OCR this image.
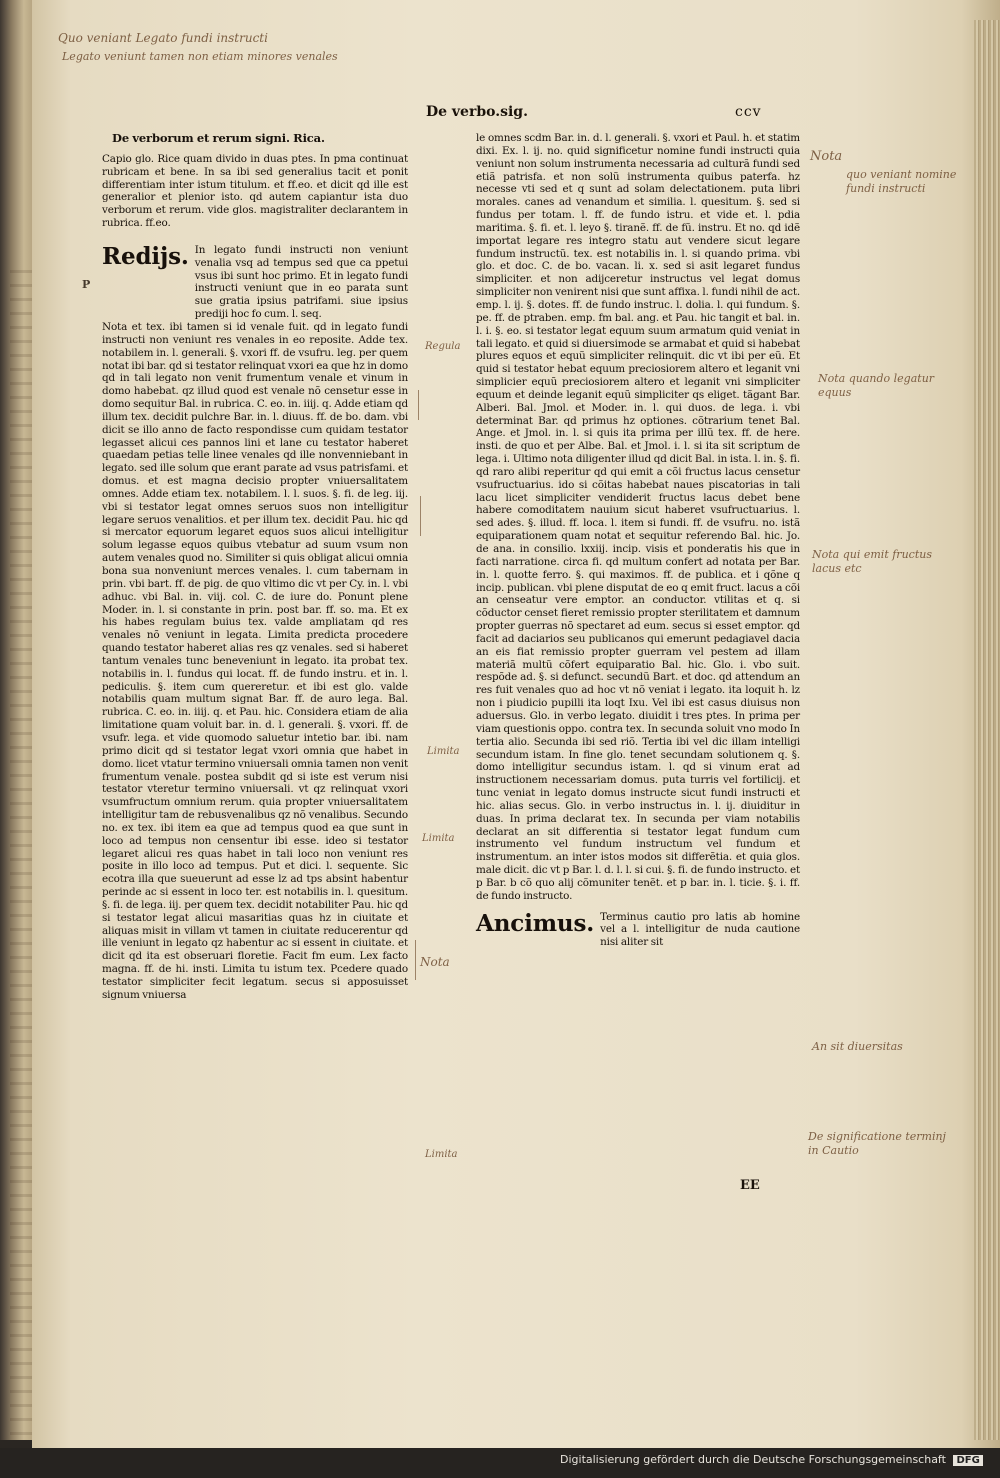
Quo veniant Legato fundi instructi
Legato veniunt tamen non etiam minores venales
De verbo.sig.	ccv

De verborum et rerum signi. Rica.

Capio glo. Rice quam divido in duas ptes. In pma continuat rubricam et bene. In sa ibi sed generalius tacit et ponit differentiam inter istum titulum. et ff.eo. et dicit qd ille est generalior et plenior isto. qd autem capiantur ista duo verborum et rerum. vide glos. magistraliter declarantem in rubrica. ff.eo.

Redijs. In legato fundi instructi non veniunt venalia vsq ad tempus sed que ca ppetui vsus ibi sunt hoc primo. Et in legato fundi instructi veniunt que in eo parata sunt sue gratia ipsius patrifami. siue ipsius prediji hoc fo cum. l. seq.

Nota et tex. ibi tamen si id venale fuit. qd in legato fundi instructi non veniunt res venales in eo reposite. Adde tex. notabilem in. l. generali. §. vxori ff. de vsufru. leg. per quem notat ibi bar. qd si testator relinquat vxori ea que hz in domo qd in tali legato non venit frumentum venale et vinum in domo habebat. qz illud quod est venale nõ censetur esse in domo sequitur Bal. in rubrica. C. eo. in. iiij. q. Adde etiam qd illum tex. decidit pulchre Bar. in. l. diuus. ff. de bo. dam. vbi dicit se illo anno de facto respondisse cum quidam testator legasset alicui ces pannos lini et lane cu testator haberet quaedam petias telle linee venales qd ille nonvenniebant in legato. sed ille solum que erant parate ad vsus patrisfami. et domus. et est magna decisio propter vniuersalitatem omnes. Adde etiam tex. notabilem. l. l. suos. §. fi. de leg. iij. vbi si testator legat omnes seruos suos non intelligitur legare seruos venalitios. et per illum tex. decidit Pau. hic qd si mercator equorum legaret equos suos alicui intelligitur solum legasse equos quibus vtebatur ad suum vsum non autem venales quod no. Similiter si quis obligat alicui omnia bona sua nonveniunt merces venales. l. cum tabernam in prin. vbi bart. ff. de pig. de quo vltimo dic vt per Cy. in. l. vbi adhuc. vbi Bal. in. viij. col. C. de iure do. Ponunt plene Moder. in. l. si constante in prin. post bar. ff. so. ma. Et ex his habes regulam buius tex. valde ampliatam qd res venales nõ veniunt in legata. Limita predicta procedere quando testator haberet alias res qz venales. sed si haberet tantum venales tunc beneveniunt in legato. ita probat tex. notabilis in. l. fundus qui locat. ff. de fundo instru. et in. l. pediculis. §. item cum quereretur. et ibi est glo. valde notabilis quam multum signat Bar. ff. de auro lega. Bal. rubrica. C. eo. in. iiij. q. et Pau. hic. Considera etiam de alia limitatione quam voluit bar. in. d. l. generali. §. vxori. ff. de vsufr. lega. et vide quomodo saluetur intetio bar. ibi. nam primo dicit qd si testator legat vxori omnia que habet in domo. licet vtatur termino vniuersali omnia tamen non venit frumentum venale. postea subdit qd si iste est verum nisi testator vteretur termino vniuersali. vt qz relinquat vxori vsumfructum omnium rerum. quia propter vniuersalitatem intelligitur tam de rebusvenalibus qz nõ venalibus. Secundo no. ex tex. ibi item ea que ad tempus quod ea que sunt in loco ad tempus non censentur ibi esse. ideo si testator legaret alicui res quas habet in tali loco non veniunt res posite in illo loco ad tempus. Put et dici. l. sequente. Sic ecotra illa que sueuerunt ad esse lz ad tps absint habentur perinde ac si essent in loco ter. est notabilis in. l. quesitum. §. fi. de lega. iij. per quem tex. decidit notabiliter Pau. hic qd si testator legat alicui masaritias quas hz in ciuitate et aliquas misit in villam vt tamen in ciuitate reducerentur qd ille veniunt in legato qz habentur ac si essent in ciuitate. et dicit qd ita est obseruari floretie. Facit fm eum. Lex facto magna. ff. de hi. insti. Limita tu istum tex. Pcedere quado testator simpliciter fecit legatum. secus si apposuisset signum vniuersa

P

le omnes scdm Bar. in. d. l. generali. §. vxori et Paul. h. et statim dixi. Ex. l. ij. no. quid significetur nomine fundi instructi quia veniunt non solum instrumenta necessaria ad culturã fundi sed etiã patrisfa. et non solũ instrumenta quibus paterfa. hz necesse vti sed et q sunt ad solam delectationem. puta libri morales. canes ad venandum et similia. l. quesitum. §. sed si fundus per totam. l. ff. de fundo istru. et vide et. l. pdia maritima. §. fi. et. l. leyo §. tiranẽ. ff. de fũ. instru. Et no. qd idẽ importat legare res integro statu aut vendere sicut legare fundum instructũ. tex. est notabilis in. l. si quando prima. vbi glo. et doc. C. de bo. vacan. li. x. sed si asit legaret fundus simpliciter. et non adijceretur instructus vel legat domus simpliciter non venirent nisi que sunt affixa. l. fundi nihil de act. emp. l. ij. §. dotes. ff. de fundo instruc. l. dolia. l. qui fundum. §. pe. ff. de ptraben. emp. fm bal. ang. et Pau. hic tangit et bal. in. l. i. §. eo. si testator legat equum suum armatum quid veniat in tali legato. et quid si diuersimode se armabat et quid si habebat plures equos et equũ simpliciter relinquit. dic vt ibi per eũ. Et quid si testator hebat equum preciosiorem altero et leganit vni simplicier equũ preciosiorem altero et leganit vni simpliciter equum et deinde leganit equũ simpliciter qs eliget. tãgant Bar. Alberi. Bal. Jmol. et Moder. in. l. qui duos. de lega. i. vbi determinat Bar. qd primus hz optiones. cõtrarium tenet Bal. Ange. et Jmol. in. l. si quis ita prima per illũ tex. ff. de here. insti. de quo et per Albe. Bal. et Jmol. i. l. si ita sit scriptum de lega. i. Ultimo nota diligenter illud qd dicit Bal. in ista. l. in. §. fi. qd raro alibi reperitur qd qui emit a cõi fructus lacus censetur vsufructuarius. ido si cõitas habebat naues piscatorias in tali lacu licet simpliciter vendiderit fructus lacus debet bene habere comoditatem nauium sicut haberet vsufructuarius. l. sed ades. §. illud. ff. loca. l. item si fundi. ff. de vsufru. no. istã equiparationem quam notat et sequitur referendo Bal. hic. Jo. de ana. in consilio. lxxiij. incip. visis et ponderatis his que in facti narratione. circa fi. qd multum confert ad notata per Bar. in. l. quotte ferro. §. qui maximos. ff. de publica. et i qõne q incip. publican. vbi plene disputat de eo q emit fruct. lacus a cõi an censeatur vere emptor. an conductor. vtilitas et q. si cõductor censet fieret remissio propter sterilitatem et damnum propter guerras nõ spectaret ad eum. secus si esset emptor. qd facit ad daciarios seu publicanos qui emerunt pedagiavel dacia an eis fiat remissio propter guerram vel pestem ad illam materiã multũ cõfert equiparatio Bal. hic. Glo. i. vbo suit. respõde ad. §. si defunct. secundũ Bart. et doc. qd attendum an res fuit venales quo ad hoc vt nõ veniat i legato. ita loquit h. lz non i piudicio pupilli ita loqt Ixu. Vel ibi est casus diuisus non aduersus. Glo. in verbo legato. diuidit i tres ptes. In prima per viam questionis oppo. contra tex. In secunda soluit vno modo In tertia alio. Secunda ibi sed riõ. Tertia ibi vel dic illam intelligi secundum istam. In fine glo. tenet secundam solutionem q. §. domo intelligitur secundus istam. l. qd si vinum erat ad instructionem necessariam domus. puta turris vel fortilicij. et tunc veniat in legato domus instructe sicut fundi instructi et hic. alias secus. Glo. in verbo instructus in. l. ij. diuiditur in duas. In prima declarat tex. In secunda per viam notabilis declarat an sit differentia si testator legat fundum cum instrumento vel fundum instructum vel fundum et instrumentum. an inter istos modos sit differẽtia. et quia glos. male dicit. dic vt p Bar. l. d. l. l. si cui. §. fi. de fundo instructo. et p Bar. b cõ quo alij cõmuniter tenẽt. et p bar. in. l. ticie. §. i. ff. de fundo instructo.

Ancimus. Terminus cautio pro latis ab homine vel a l. intelligitur de nuda cautione nisi aliter sit
EE
Nota
quo veniant nomine fundi instructi
Nota quando legatur equus
Nota qui emit fructus lacus etc
An sit diuersitas
De significatione terminj in Cautio
Regula
Limita
Limita
Nota
Limita
Digitalisierung gefördert durch die Deutsche Forschungsgemeinschaft DFG
